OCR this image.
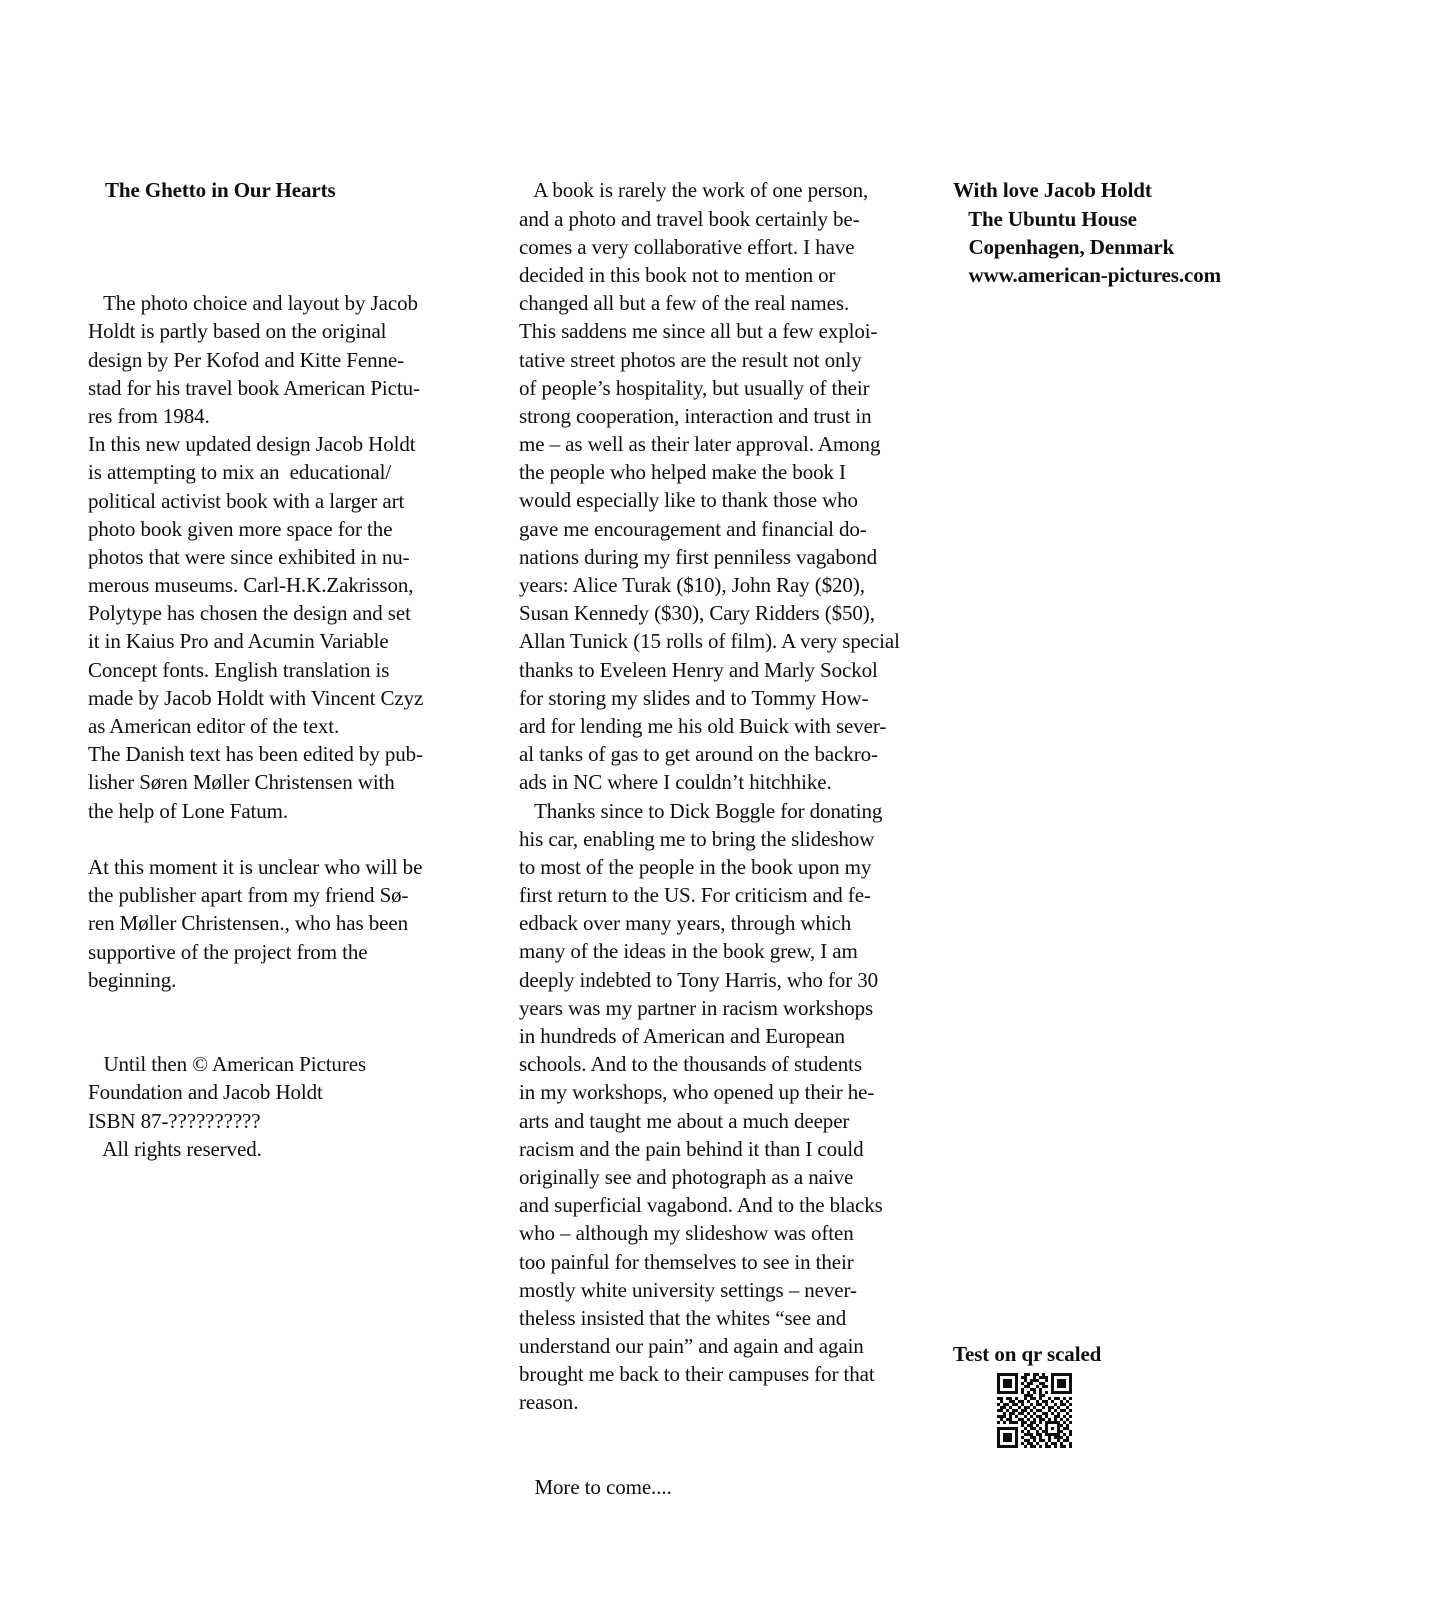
The Ghetto in Our Hearts

The photo choice and layout by Jacob
Holdt is partly based on the original
design by Per Kofod and Kitte Fenne-
stad for his travel book American Pictu-
res from 1984.
In this new updated design Jacob Holdt
is attempting to mix an  educational/
political activist book with a larger art
photo book given more space for the
photos that were since exhibited in nu-
merous museums. Carl-H.K.Zakrisson,
Polytype has chosen the design and set
it in Kaius Pro and Acumin Variable
Concept fonts. English translation is
made by Jacob Holdt with Vincent Czyz
as American editor of the text.
The Danish text has been edited by pub-
lisher Søren Møller Christensen with
the help of Lone Fatum.

At this moment it is unclear who will be
the publisher apart from my friend Sø-
ren Møller Christensen., who has been
supportive of the project from the
beginning.

Until then © American Pictures
Foundation and Jacob Holdt
ISBN 87-??????????
All rights reserved.

A book is rarely the work of one person,
and a photo and travel book certainly be-
comes a very collaborative effort. I have
decided in this book not to mention or
changed all but a few of the real names.
This saddens me since all but a few exploi-
tative street photos are the result not only
of people’s hospitality, but usually of their
strong cooperation, interaction and trust in
me – as well as their later approval. Among
the people who helped make the book I
would especially like to thank those who
gave me encouragement and financial do-
nations during my first penniless vagabond
years: Alice Turak ($10), John Ray ($20),
Susan Kennedy ($30), Cary Ridders ($50),
Allan Tunick (15 rolls of film). A very special
thanks to Eveleen Henry and Marly Sockol
for storing my slides and to Tommy How-
ard for lending me his old Buick with sever-
al tanks of gas to get around on the backro-
ads in NC where I couldn’t hitchhike.
Thanks since to Dick Boggle for donating
his car, enabling me to bring the slideshow
to most of the people in the book upon my
first return to the US. For criticism and fe-
edback over many years, through which
many of the ideas in the book grew, I am
deeply indebted to Tony Harris, who for 30
years was my partner in racism workshops
in hundreds of American and European
schools. And to the thousands of students
in my workshops, who opened up their he-
arts and taught me about a much deeper
racism and the pain behind it than I could
originally see and photograph as a naive
and superficial vagabond. And to the blacks
who – although my slideshow was often
too painful for themselves to see in their
mostly white university settings – never-
theless insisted that the whites “see and
understand our pain” and again and again
brought me back to their campuses for that
reason.

More to come....

With love Jacob Holdt
The Ubuntu House
Copenhagen, Denmark
www.american-pictures.com

Test on qr scaled
